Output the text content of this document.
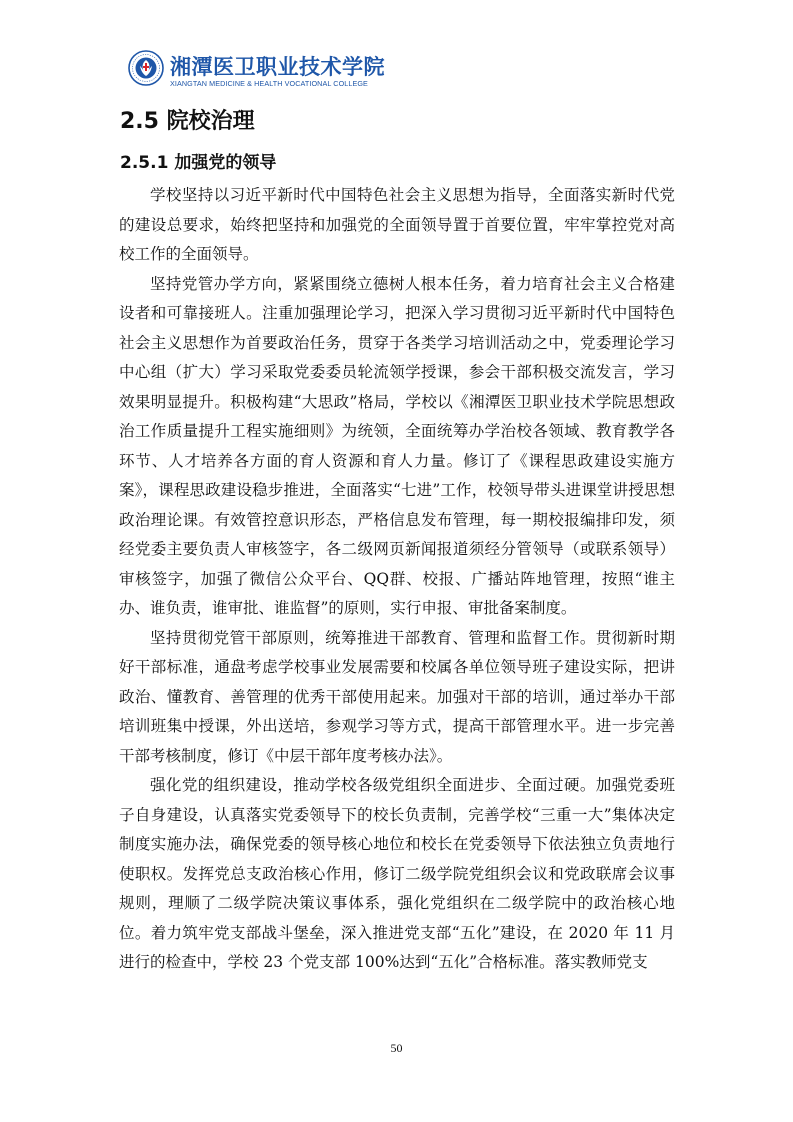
湘潭医卫职业技术学院
XIANGTAN MEDICINE & HEALTH VOCATIONAL COLLEGE
2.5 院校治理
2.5.1 加强党的领导

学校坚持以习近平新时代中国特色社会主义思想为指导，全面落实新时代党的建设总要求，始终把坚持和加强党的全面领导置于首要位置，牢牢掌控党对高校工作的全面领导。

坚持党管办学方向，紧紧围绕立德树人根本任务，着力培育社会主义合格建设者和可靠接班人。注重加强理论学习，把深入学习贯彻习近平新时代中国特色社会主义思想作为首要政治任务，贯穿于各类学习培训活动之中，党委理论学习中心组（扩大）学习采取党委委员轮流领学授课，参会干部积极交流发言，学习效果明显提升。积极构建“大思政”格局，学校以《湘潭医卫职业技术学院思想政治工作质量提升工程实施细则》为统领，全面统筹办学治校各领域、教育教学各环节、人才培养各方面的育人资源和育人力量。修订了《课程思政建设实施方案》，课程思政建设稳步推进，全面落实“七进”工作，校领导带头进课堂讲授思想政治理论课。有效管控意识形态，严格信息发布管理，每一期校报编排印发，须经党委主要负责人审核签字，各二级网页新闻报道须经分管领导（或联系领导）审核签字，加强了微信公众平台、QQ群、校报、广播站阵地管理，按照“谁主办、谁负责，谁审批、谁监督”的原则，实行申报、审批备案制度。

坚持贯彻党管干部原则，统筹推进干部教育、管理和监督工作。贯彻新时期好干部标准，通盘考虑学校事业发展需要和校属各单位领导班子建设实际，把讲政治、懂教育、善管理的优秀干部使用起来。加强对干部的培训，通过举办干部培训班集中授课，外出送培，参观学习等方式，提高干部管理水平。进一步完善干部考核制度，修订《中层干部年度考核办法》。

强化党的组织建设，推动学校各级党组织全面进步、全面过硬。加强党委班子自身建设，认真落实党委领导下的校长负责制，完善学校“三重一大”集体决定制度实施办法，确保党委的领导核心地位和校长在党委领导下依法独立负责地行使职权。发挥党总支政治核心作用，修订二级学院党组织会议和党政联席会议事规则，理顺了二级学院决策议事体系，强化党组织在二级学院中的政治核心地位。着力筑牢党支部战斗堡垒，深入推进党支部“五化”建设，在 2020 年 11 月进行的检查中，学校 23 个党支部 100%达到“五化”合格标准。落实教师党支

50
